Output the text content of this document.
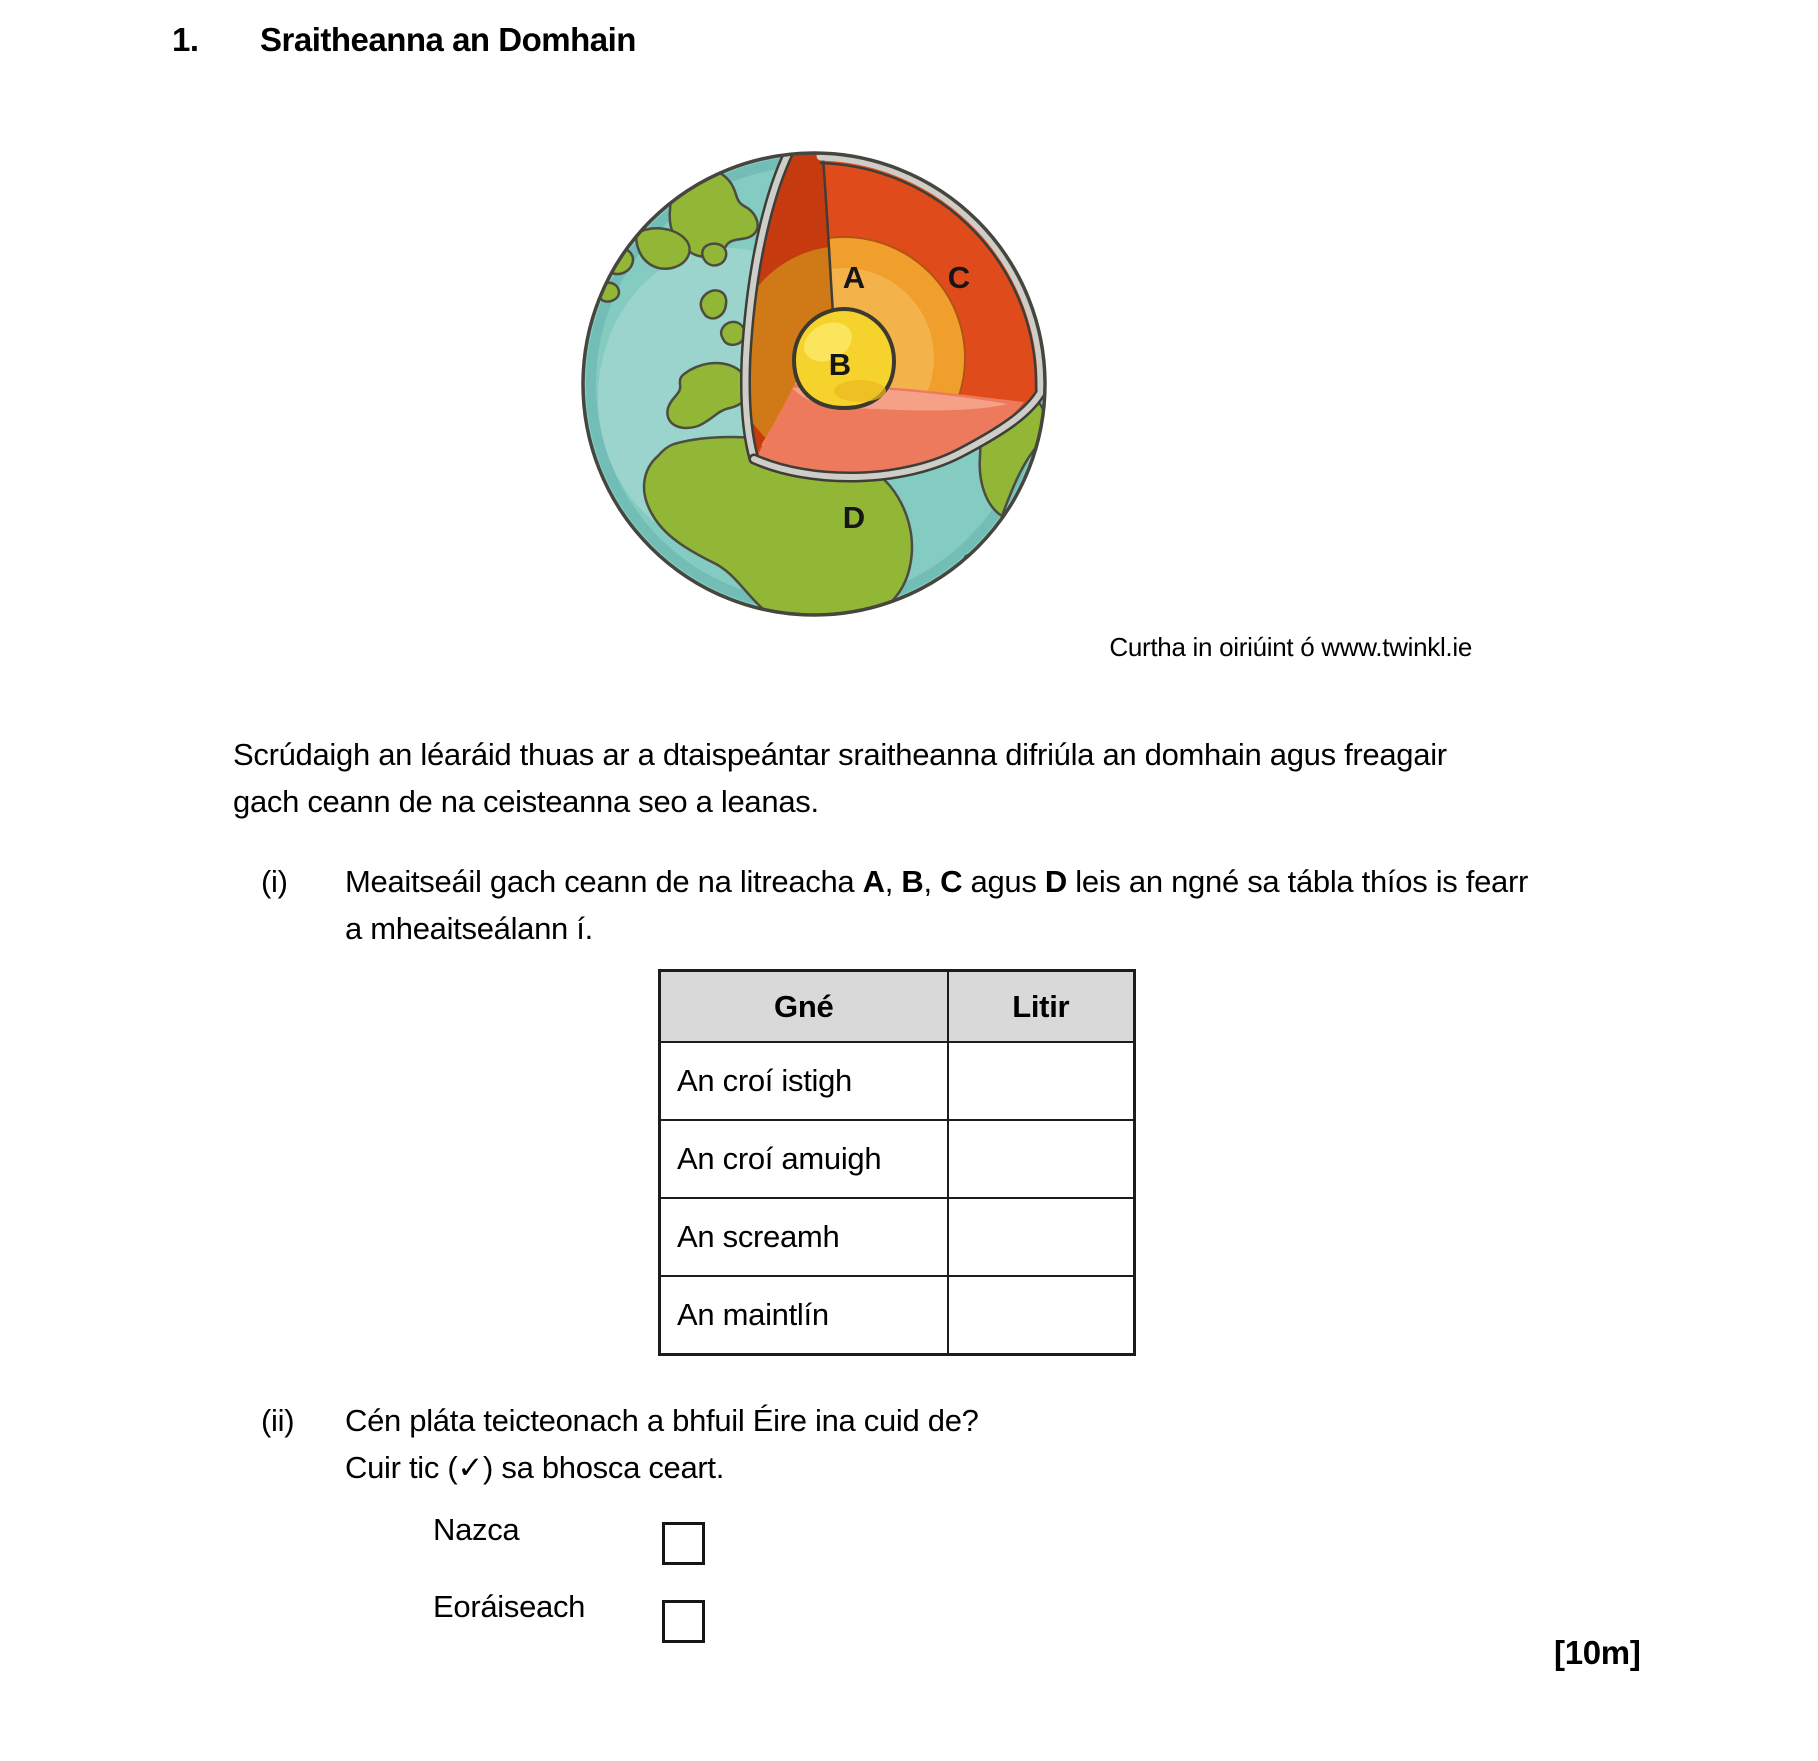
1. Sraitheanna an Domhain
A	C
B
D
Curtha in oiriúint ó www.twinkl.ie
Scrúdaigh an léaráid thuas ar a dtaispeántar sraitheanna difriúla an domhain agus freagair
gach ceann de na ceisteanna seo a leanas.
(i) Meaitseáil gach ceann de na litreacha A, B, C agus D leis an ngné sa tábla thíos is fearr
a mheaitseálann í.
Gné	Litir
An croí istigh	
An croí amuigh	
An screamh	
An maintlín	
(ii) Cén pláta teicteonach a bhfuil Éire ina cuid de?
Cuir tic (✓) sa bhosca ceart.
Nazca
Eoráiseach
[10m]
